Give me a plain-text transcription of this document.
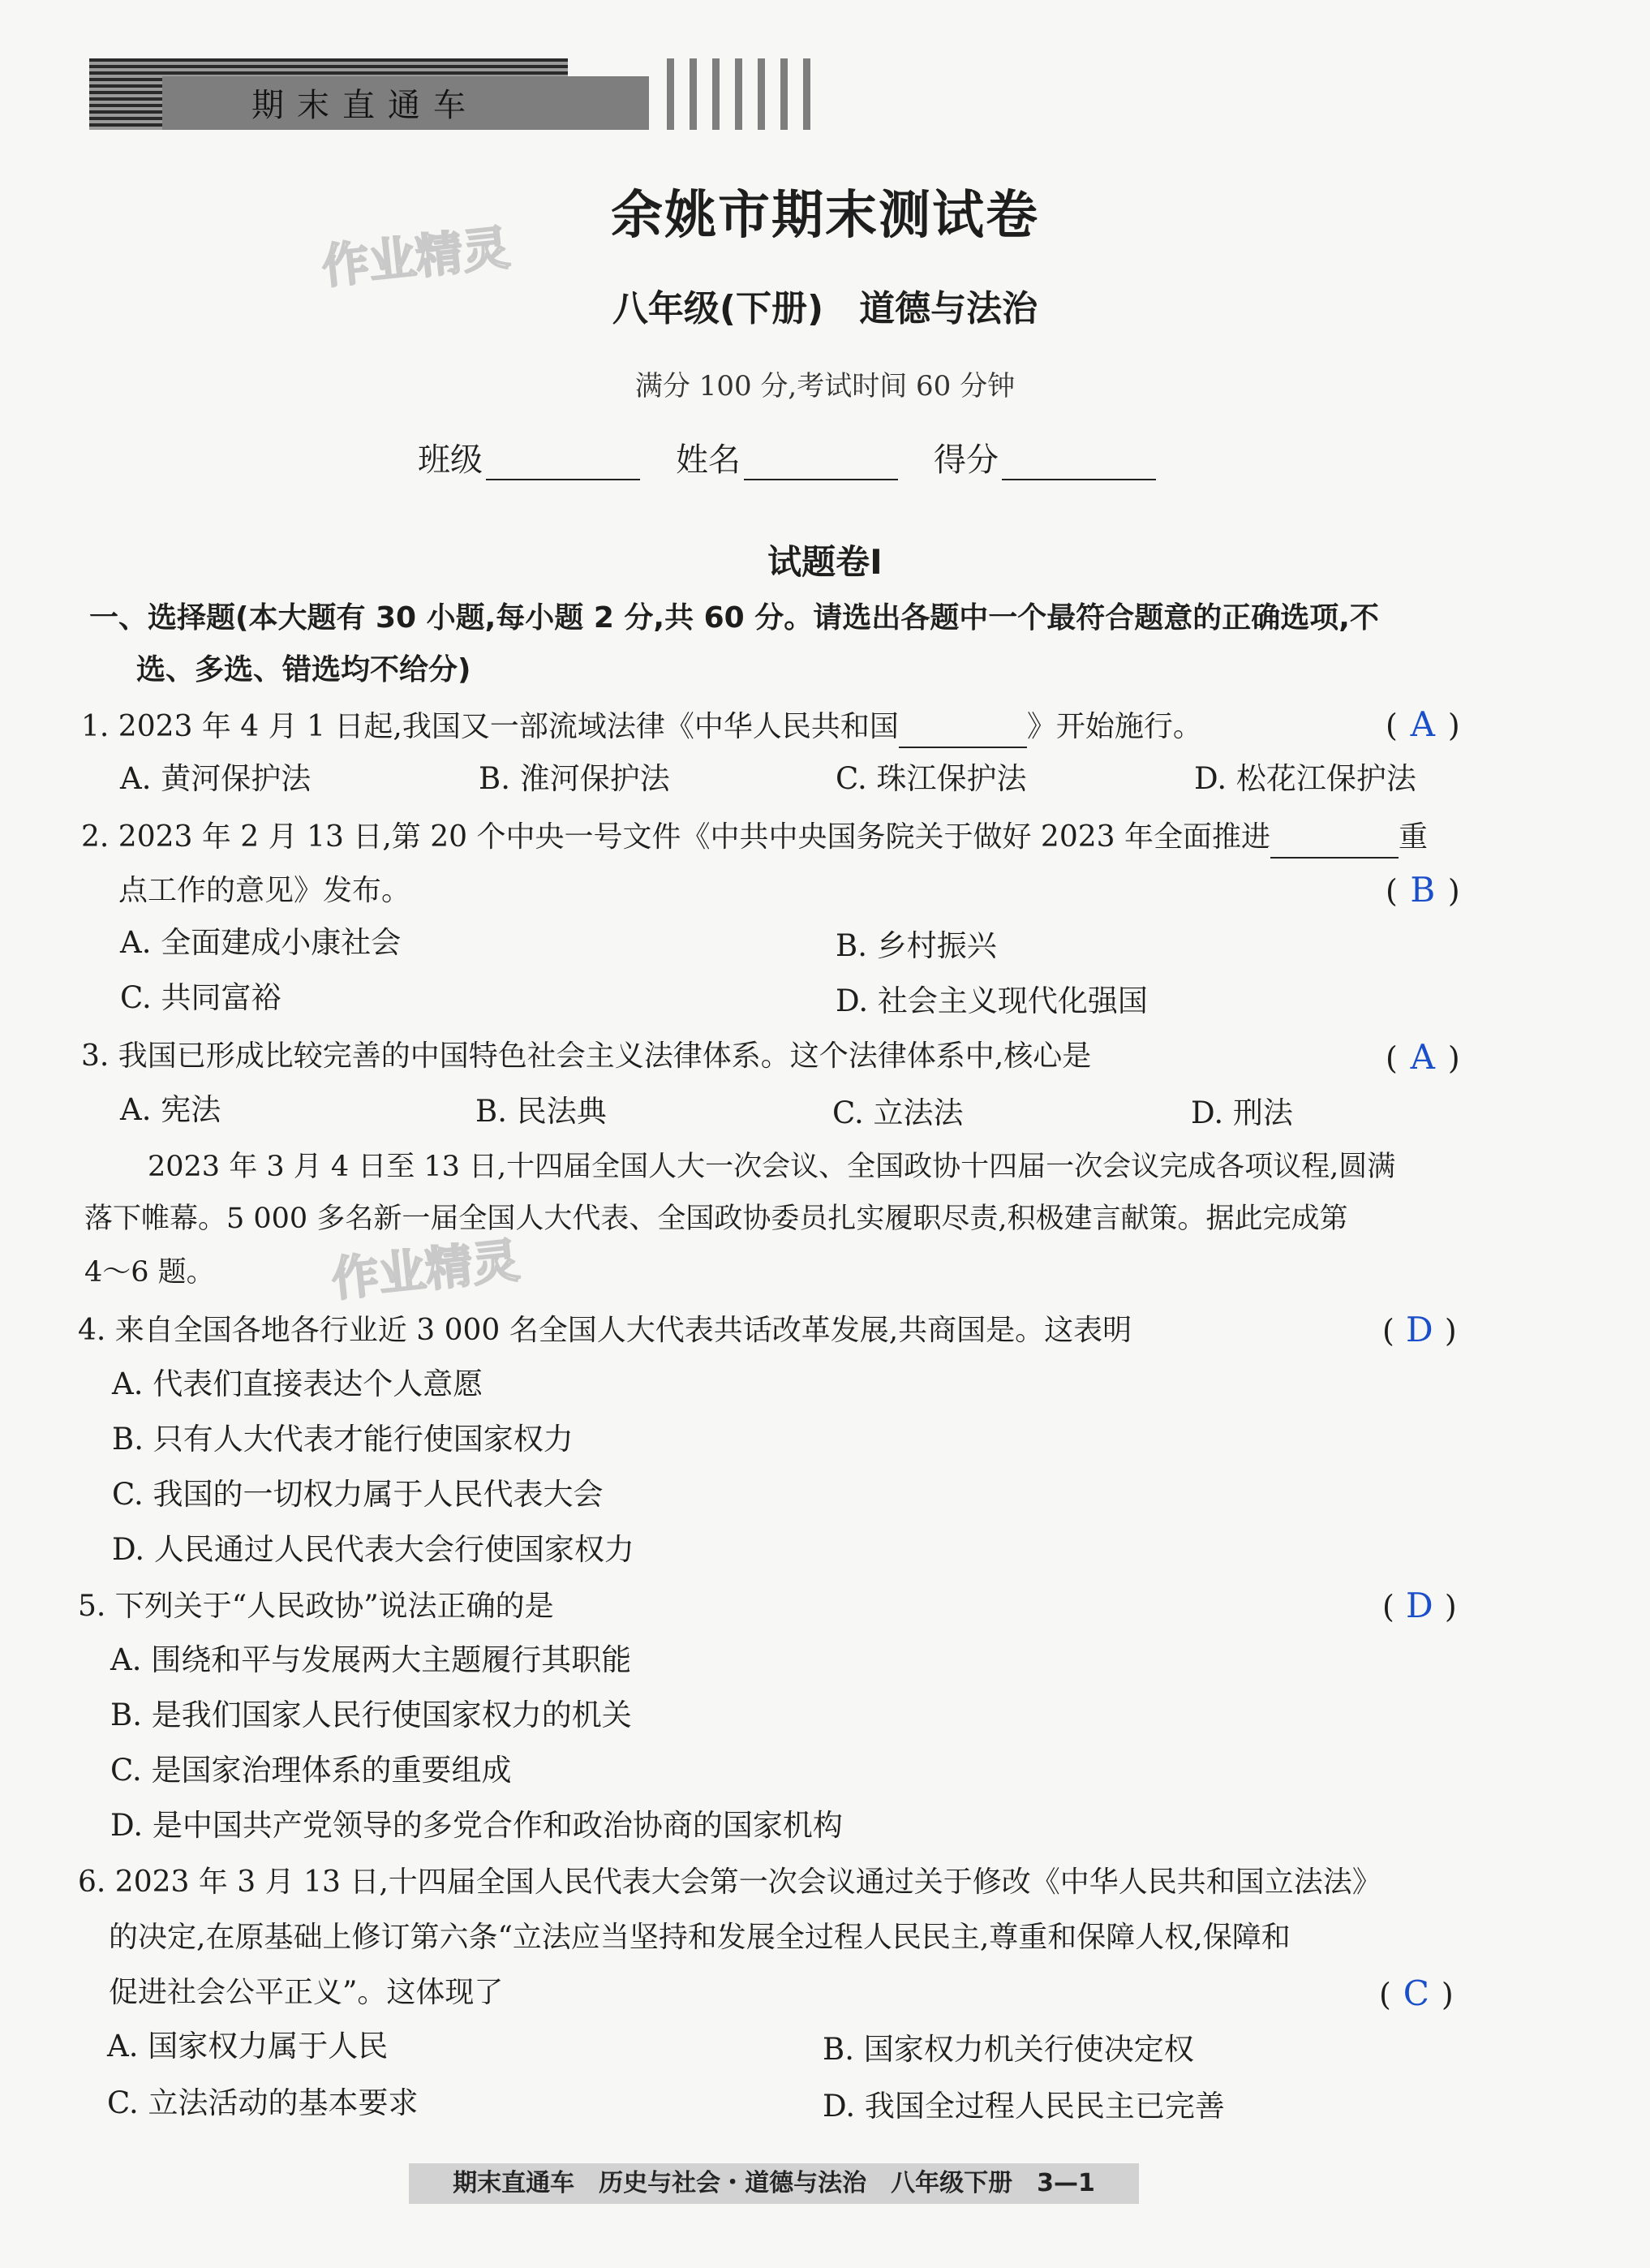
期末直通车
作业精灵
作业精灵
余姚市期末测试卷
八年级(下册)　道德与法治
满分 100 分,考试时间 60 分钟
班级	姓名	得分
试题卷Ⅰ
一、选择题(本大题有 30 小题,每小题 2 分,共 60 分。请选出各题中一个最符合题意的正确选项,不
选、多选、错选均不给分)
1. 2023 年 4 月 1 日起,我国又一部流域法律《中华人民共和国	》开始施行。	( A )
A. 黄河保护法	B. 淮河保护法	C. 珠江保护法	D. 松花江保护法
2. 2023 年 2 月 13 日,第 20 个中央一号文件《中共中央国务院关于做好 2023 年全面推进	重
点工作的意见》发布。	( B )
A. 全面建成小康社会	B. 乡村振兴
C. 共同富裕	D. 社会主义现代化强国
3. 我国已形成比较完善的中国特色社会主义法律体系。这个法律体系中,核心是	( A )
A. 宪法	B. 民法典	C. 立法法	D. 刑法
2023 年 3 月 4 日至 13 日,十四届全国人大一次会议、全国政协十四届一次会议完成各项议程,圆满
落下帷幕。5 000 多名新一届全国人大代表、全国政协委员扎实履职尽责,积极建言献策。据此完成第
4～6 题。
4. 来自全国各地各行业近 3 000 名全国人大代表共话改革发展,共商国是。这表明	( D )
A. 代表们直接表达个人意愿
B. 只有人大代表才能行使国家权力
C. 我国的一切权力属于人民代表大会
D. 人民通过人民代表大会行使国家权力
5. 下列关于“人民政协”说法正确的是	( D )
A. 围绕和平与发展两大主题履行其职能
B. 是我们国家人民行使国家权力的机关
C. 是国家治理体系的重要组成
D. 是中国共产党领导的多党合作和政治协商的国家机构
6. 2023 年 3 月 13 日,十四届全国人民代表大会第一次会议通过关于修改《中华人民共和国立法法》
的决定,在原基础上修订第六条“立法应当坚持和发展全过程人民民主,尊重和保障人权,保障和
促进社会公平正义”。这体现了	( C )
A. 国家权力属于人民	B. 国家权力机关行使决定权
C. 立法活动的基本要求	D. 我国全过程人民民主已完善
期末直通车　历史与社会・道德与法治　八年级下册　3—1
